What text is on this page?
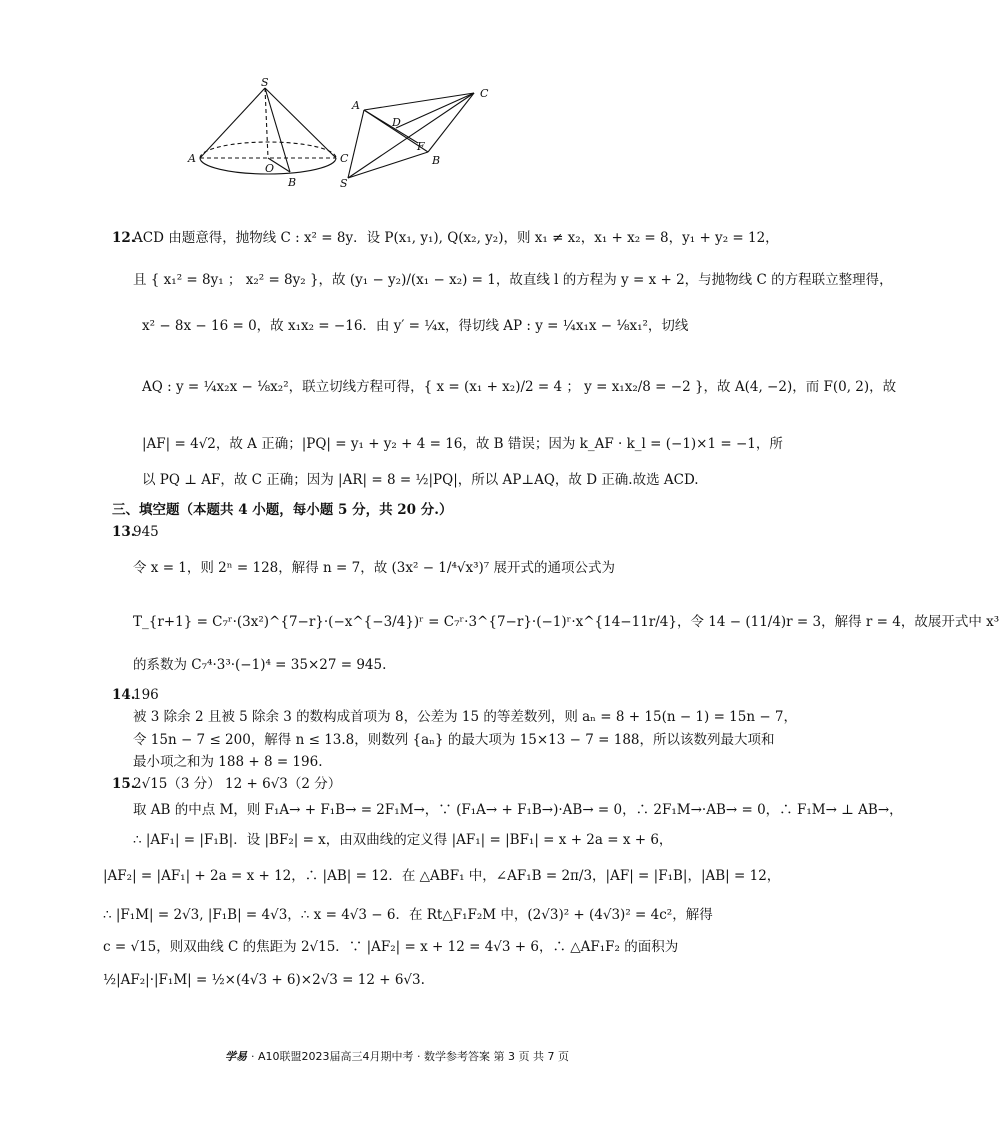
S
A	C
O
B
A
C
D
F
B
S
12.
ACD 由题意得，抛物线 C : x² = 8y．设 P(x₁, y₁), Q(x₂, y₂)，则 x₁ ≠ x₂，x₁ + x₂ = 8，y₁ + y₂ = 12，
且 { x₁² = 8y₁ ； x₂² = 8y₂ }，故 (y₁ − y₂)/(x₁ − x₂) = 1，故直线 l 的方程为 y = x + 2，与抛物线 C 的方程联立整理得，
x² − 8x − 16 = 0，故 x₁x₂ = −16．由 y′ = ¼x，得切线 AP : y = ¼x₁x − ⅛x₁²，切线
AQ : y = ¼x₂x − ⅛x₂²，联立切线方程可得，{ x = (x₁ + x₂)/2 = 4 ； y = x₁x₂/8 = −2 }，故 A(4, −2)，而 F(0, 2)，故
|AF| = 4√2，故 A 正确；|PQ| = y₁ + y₂ + 4 = 16，故 B 错误；因为 k_AF · k_l = (−1)×1 = −1，所
以 PQ ⊥ AF，故 C 正确；因为 |AR| = 8 = ½|PQ|，所以 AP⊥AQ，故 D 正确.故选 ACD.
三、填空题（本题共 4 小题，每小题 5 分，共 20 分.）
13.
945
令 x = 1，则 2ⁿ = 128，解得 n = 7，故 (3x² − 1/⁴√x³)⁷ 展开式的通项公式为
T_{r+1} = C₇ʳ·(3x²)^{7−r}·(−x^{−3/4})ʳ = C₇ʳ·3^{7−r}·(−1)ʳ·x^{14−11r/4}，令 14 − (11/4)r = 3，解得 r = 4，故展开式中 x³
的系数为 C₇⁴·3³·(−1)⁴ = 35×27 = 945.
14.
196
被 3 除余 2 且被 5 除余 3 的数构成首项为 8，公差为 15 的等差数列，则 aₙ = 8 + 15(n − 1) = 15n − 7，
令 15n − 7 ≤ 200，解得 n ≤ 13.8，则数列 {aₙ} 的最大项为 15×13 − 7 = 188，所以该数列最大项和
最小项之和为 188 + 8 = 196.
15.
2√15（3 分） 12 + 6√3（2 分）
取 AB 的中点 M，则 F₁A→ + F₁B→ = 2F₁M→，∵ (F₁A→ + F₁B→)·AB→ = 0，∴ 2F₁M→·AB→ = 0，∴ F₁M→ ⊥ AB→，
∴ |AF₁| = |F₁B|．设 |BF₂| = x，由双曲线的定义得 |AF₁| = |BF₁| = x + 2a = x + 6，
|AF₂| = |AF₁| + 2a = x + 12，∴ |AB| = 12．在 △ABF₁ 中，∠AF₁B = 2π/3，|AF| = |F₁B|，|AB| = 12，
∴ |F₁M| = 2√3, |F₁B| = 4√3，∴ x = 4√3 − 6．在 Rt△F₁F₂M 中，(2√3)² + (4√3)² = 4c²，解得
c = √15，则双曲线 C 的焦距为 2√15．∵ |AF₂| = x + 12 = 4√3 + 6，∴ △AF₁F₂ 的面积为
½|AF₂|·|F₁M| = ½×(4√3 + 6)×2√3 = 12 + 6√3.
学易 · A10联盟2023届高三4月期中考 · 数学参考答案 第 3 页 共 7 页
